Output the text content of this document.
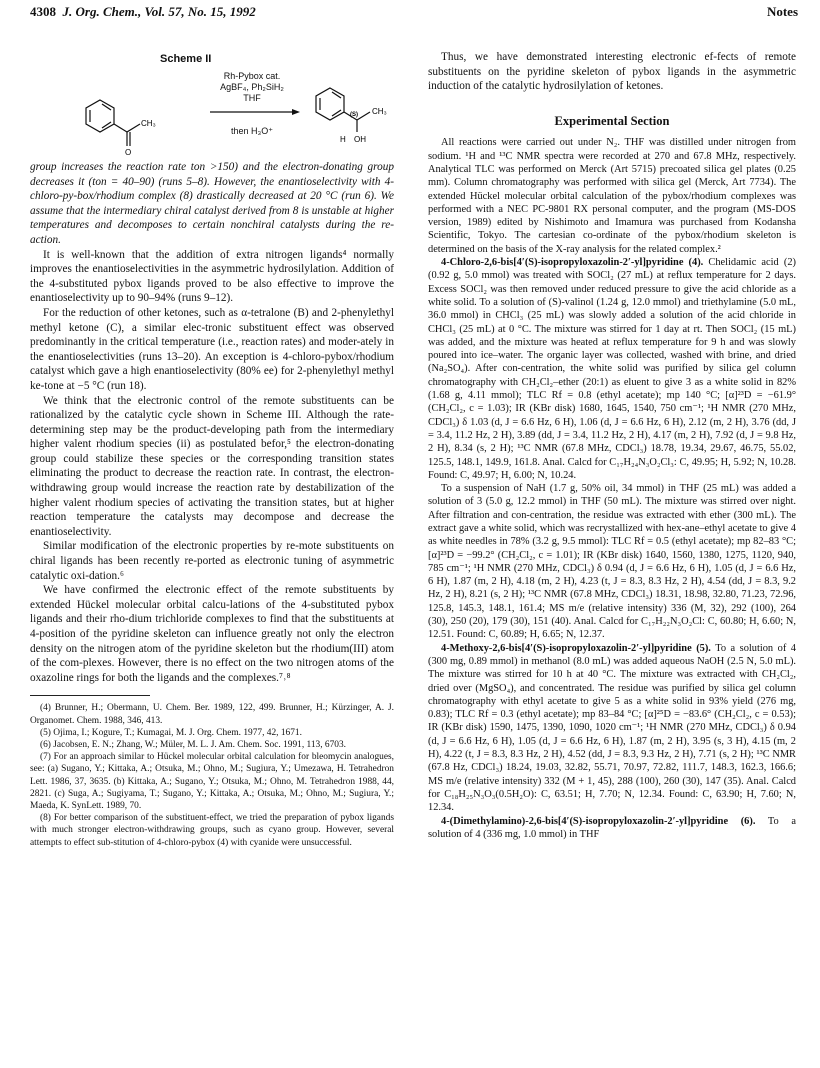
4308 J. Org. Chem., Vol. 57, No. 15, 1992	Notes
Scheme II
Rh-Pybox cat.
AgBF₄, Ph₂SiH₂
THF
then H₃O⁺
CH₃
O
CH₃
(S)
H OH

group increases the reaction rate ton >150) and the electron-donating group decreases it (ton = 40–90) (runs 5–8). However, the enantioselectivity with 4-chloro-py-box/rhodium complex (8) drastically decreased at 20 °C (run 6). We assume that the intermediary chiral catalyst derived from 8 is unstable at higher temperatures and decomposes to certain nonchiral catalysts during the re-action.

It is well-known that the addition of extra nitrogen ligands⁴ normally improves the enantioselectivities in the asymmetric hydrosilylation. Addition of the 4-substituted pybox ligands proved to be also effective to improve the enantioselectivity up to 90–94% (runs 9–12).

For the reduction of other ketones, such as α-tetralone (B) and 2-phenylethyl methyl ketone (C), a similar elec-tronic substituent effect was observed predominantly in the critical temperature (i.e., reaction rates) and moder-ately in the enantioselectivities (runs 13–20). An exception is 4-chloro-pybox/rhodium catalyst which gave a high enantioselectivity (80% ee) for 2-phenylethyl methyl ke-tone at −5 °C (run 18).

We think that the electronic control of the remote substituents can be rationalized by the catalytic cycle shown in Scheme III. Although the rate-determining step may be the product-developing path from the intermediary higher valent rhodium species (ii) as postulated befor,⁵ the electron-donating group could stabilize these species or the corresponding transition states eliminating the product to decrease the reaction rate. In contrast, the electron-withdrawing group would increase the reaction rate by destabilization of the higher valent rhodium species of activating the transition states, but at higher reaction temperature the catalysts may decompose and decrease the enantioselectivity.

Similar modification of the electronic properties by re-mote substituents on chiral ligands has been recently re-ported as electronic tuning of asymmetric catalytic oxi-dation.⁶

We have confirmed the electronic effect of the remote substituents by extended Hückel molecular orbital calcu-lations of the 4-substituted pybox ligands and their rho-dium trichloride complexes to find that the substituents at 4-position of the pyridine skeleton can influence greatly not only the electron density on the nitrogen atom of the pyridine skeleton but the rhodium(III) atom of the com-plexes. However, there is no effect on the two nitrogen atoms of the oxazoline rings for both the ligands and the complexes.⁷˒⁸

(4) Brunner, H.; Obermann, U. Chem. Ber. 1989, 122, 499. Brunner, H.; Kürzinger, A. J. Organomet. Chem. 1988, 346, 413.

(5) Ojima, I.; Kogure, T.; Kumagai, M. J. Org. Chem. 1977, 42, 1671.

(6) Jacobsen, E. N.; Zhang, W.; Müler, M. L. J. Am. Chem. Soc. 1991, 113, 6703.

(7) For an approach similar to Hückel molecular orbital calculation for bleomycin analogues, see: (a) Sugano, Y.; Kittaka, A.; Otsuka, M.; Ohno, M.; Sugiura, Y.; Umezawa, H. Tetrahedron Lett. 1986, 37, 3635. (b) Kittaka, A.; Sugano, Y.; Otsuka, M.; Ohno, M. Tetrahedron 1988, 44, 2821. (c) Suga, A.; Sugiyama, T.; Sugano, Y.; Kittaka, A.; Otsuka, M.; Ohno, M.; Sugiura, Y.; Maeda, K. SynLett. 1989, 70.

(8) For better comparison of the substituent-effect, we tried the preparation of pybox ligands with much stronger electron-withdrawing groups, such as cyano group. However, several attempts to effect sub-stitution of 4-chloro-pybox (4) with cyanide were unsuccessful.

Thus, we have demonstrated interesting electronic ef-fects of remote substituents on the pyridine skeleton of pybox ligands in the asymmetric induction of the catalytic hydrosilylation of ketones.

Experimental Section

All reactions were carried out under N₂. THF was distilled under nitrogen from sodium. ¹H and ¹³C NMR spectra were recorded at 270 and 67.8 MHz, respectively. Analytical TLC was performed on Merck (Art 5715) precoated silica gel plates (0.25 mm). Column chromatography was performed with silica gel (Merck, Art 7734). The extended Hückel molecular orbital calculation of the pybox/rhodium complexes was performed with a NEC PC-9801 RX personal computer, and the program (MS-DOS version, 1989) edited by Nishimoto and Imamura was purchased from Kodansha Scientific, Tokyo. The cartesian co-ordinate of the pybox/rhodium skeleton is determined on the basis of the X-ray analysis for the related complex.²

4-Chloro-2,6-bis[4′(S)-isopropyloxazolin-2′-yl]pyridine (4). Chelidamic acid (2) (0.92 g, 5.0 mmol) was treated with SOCl₂ (27 mL) at reflux temperature for 2 days. Excess SOCl₂ was then removed under reduced pressure to give the acid chloride as a white solid. To a solution of (S)-valinol (1.24 g, 12.0 mmol) and triethylamine (5.0 mL, 36.0 mmol) in CHCl₃ (25 mL) was slowly added a solution of the acid chloride in CHCl₃ (25 mL) at 0 °C. The mixture was stirred for 1 day at rt. Then SOCl₂ (15 mL) was added, and the mixture was heated at reflux temperature for 9 h and was slowly poured into ice–water. The organic layer was collected, washed with brine, and dried (Na₂SO₄). After con-centration, the white solid was purified by silica gel column chromatography with CH₂Cl₂–ether (20:1) as eluent to give 3 as a white solid in 82% (1.68 g, 4.11 mmol); TLC Rf = 0.8 (ethyl acetate); mp 140 °C; [α]²³D = −61.9° (CH₂Cl₂, c = 1.03); IR (KBr disk) 1680, 1645, 1540, 750 cm⁻¹; ¹H NMR (270 MHz, CDCl₃) δ 1.03 (d, J = 6.6 Hz, 6 H), 1.06 (d, J = 6.6 Hz, 6 H), 2.12 (m, 2 H), 3.76 (dd, J = 3.4, 11.2 Hz, 2 H), 3.89 (dd, J = 3.4, 11.2 Hz, 2 H), 4.17 (m, 2 H), 7.92 (d, J = 9.8 Hz, 2 H), 8.34 (s, 2 H); ¹³C NMR (67.8 MHz, CDCl₃) 18.78, 19.34, 29.67, 46.75, 55.02, 125.5, 148.1, 149.9, 161.8. Anal. Calcd for C₁₇H₂₄N₃O₂Cl₃: C, 49.95; H, 5.92; N, 10.28. Found: C, 49.97; H, 6.00; N, 10.24.

To a suspension of NaH (1.7 g, 50% oil, 34 mmol) in THF (25 mL) was added a solution of 3 (5.0 g, 12.2 mmol) in THF (50 mL). The mixture was stirred over night. After filtration and con-centration, the residue was extracted with ether (300 mL). The extract gave a white solid, which was recrystallized with hex-ane–ethyl acetate to give 4 as white needles in 78% (3.2 g, 9.5 mmol): TLC Rf = 0.5 (ethyl acetate); mp 82–83 °C; [α]²³D = −99.2° (CH₂Cl₂, c = 1.01); IR (KBr disk) 1640, 1560, 1380, 1275, 1120, 940, 785 cm⁻¹; ¹H NMR (270 MHz, CDCl₃) δ 0.94 (d, J = 6.6 Hz, 6 H), 1.05 (d, J = 6.6 Hz, 6 H), 1.87 (m, 2 H), 4.18 (m, 2 H), 4.23 (t, J = 8.3, 8.3 Hz, 2 H), 4.54 (dd, J = 8.3, 9.2 Hz, 2 H), 8.21 (s, 2 H); ¹³C NMR (67.8 MHz, CDCl₃) 18.31, 18.98, 32.80, 71.23, 72.96, 125.8, 145.3, 148.1, 161.4; MS m/e (relative intensity) 336 (M, 32), 292 (100), 264 (30), 250 (20), 179 (30), 151 (40). Anal. Calcd for C₁₇H₂₂N₃O₂Cl: C, 60.80; H, 6.60; N, 12.51. Found: C, 60.89; H, 6.65; N, 12.37.

4-Methoxy-2,6-bis[4′(S)-isopropyloxazolin-2′-yl]pyridine (5). To a solution of 4 (300 mg, 0.89 mmol) in methanol (8.0 mL) was added aqueous NaOH (2.5 N, 5.0 mL). The mixture was stirred for 10 h at 40 °C. The mixture was extracted with CH₂Cl₂, dried over (MgSO₄), and concentrated. The residue was purified by silica gel column chromatography with ethyl acetate to give 5 as a white solid in 93% yield (276 mg, 0.83); TLC Rf = 0.3 (ethyl acetate); mp 83–84 °C; [α]²⁵D = −83.6° (CH₂Cl₂, c = 0.53); IR (KBr disk) 1590, 1475, 1390, 1090, 1020 cm⁻¹; ¹H NMR (270 MHz, CDCl₃) δ 0.94 (d, J = 6.6 Hz, 6 H), 1.05 (d, J = 6.6 Hz, 6 H), 1.87 (m, 2 H), 3.95 (s, 3 H), 4.15 (m, 2 H), 4.22 (t, J = 8.3, 8.3 Hz, 2 H), 4.52 (dd, J = 8.3, 9.3 Hz, 2 H), 7.71 (s, 2 H); ¹³C NMR (67.8 Hz, CDCl₃) 18.24, 19.03, 32.82, 55.71, 70.97, 72.82, 111.7, 148.3, 162.3, 166.6; MS m/e (relative intensity) 332 (M + 1, 45), 288 (100), 260 (30), 147 (35). Anal. Calcd for C₁₈H₂₅N₃O₃(0.5H₂O): C, 63.51; H, 7.70; N, 12.34. Found: C, 63.90; H, 7.60; N, 12.34.

4-(Dimethylamino)-2,6-bis[4′(S)-isopropyloxazolin-2′-yl]pyridine (6). To a solution of 4 (336 mg, 1.0 mmol) in THF
